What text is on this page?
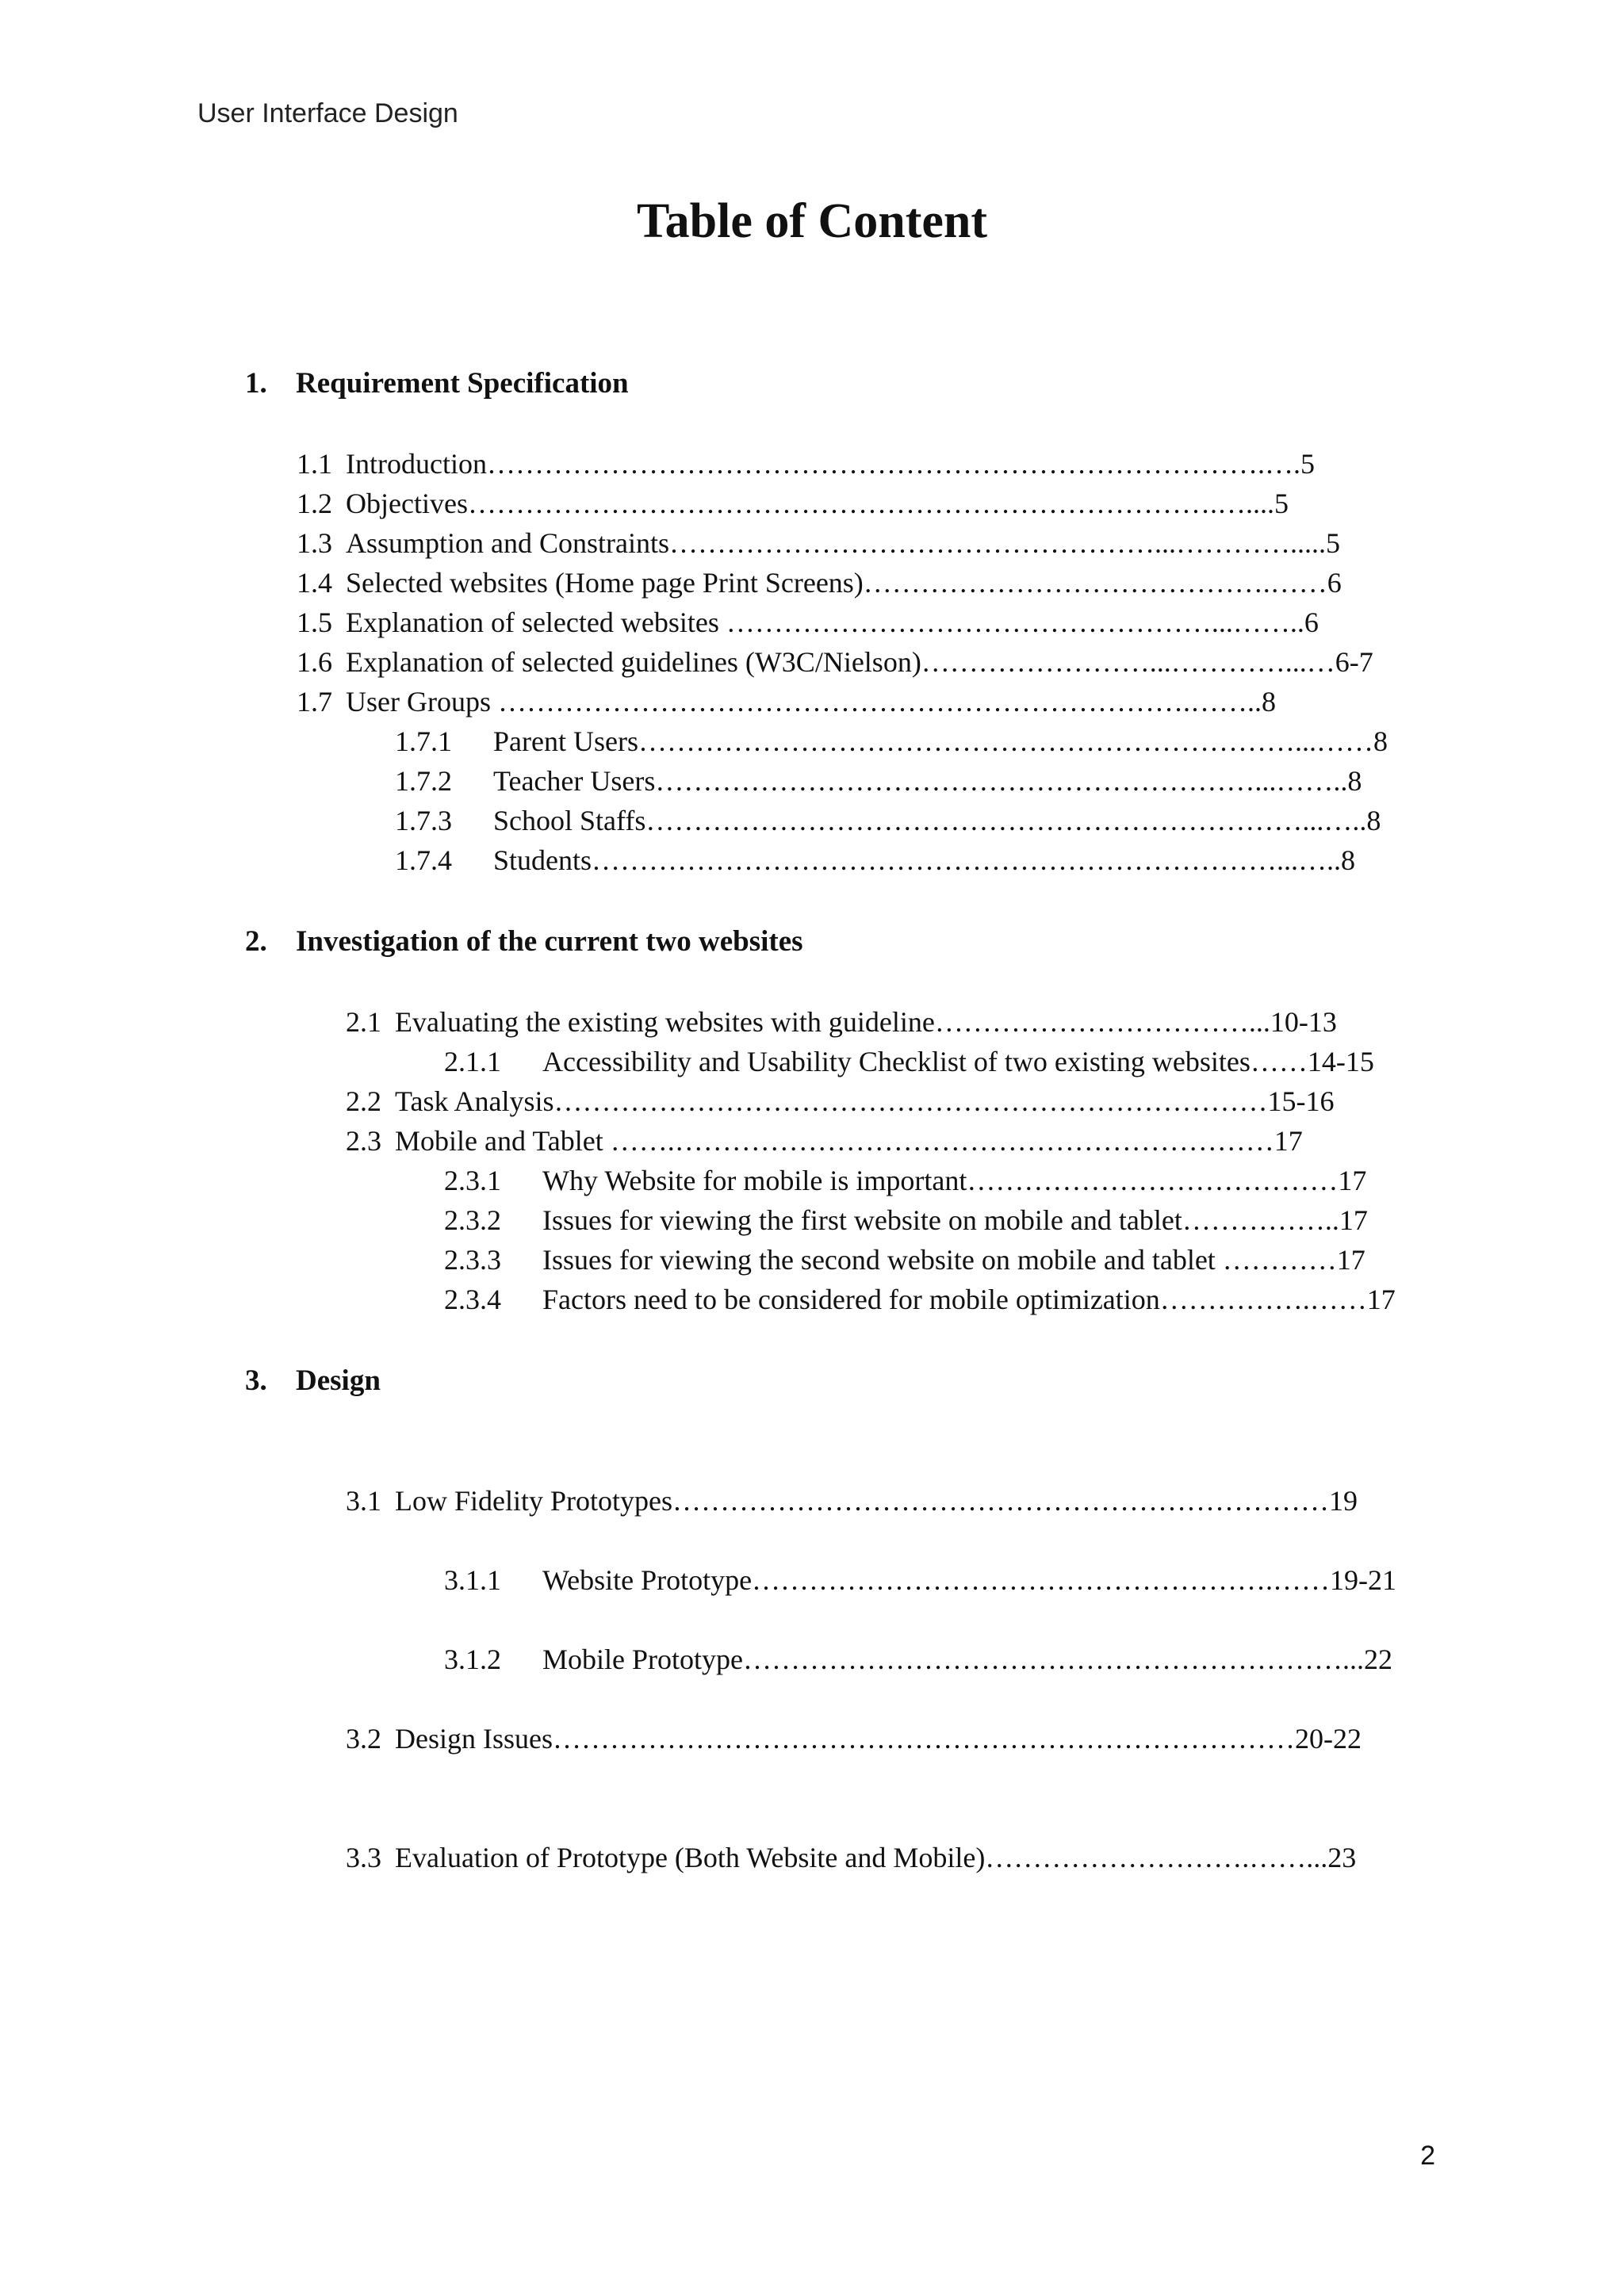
User Interface Design
Table of Content
1. Requirement Specification
1.1 Introduction……………………………………………………………………….….5
1.2 Objectives…………………………………………………………………….…....5
1.3 Assumption and Constraints……………………………………………...………….....5
1.4 Selected websites (Home page Print Screens)…………………………………….……6
1.5 Explanation of selected websites ……………………………………………...……..6
1.6 Explanation of selected guidelines (W3C/Nielson)……………………...…………...…6-7
1.7 User Groups ……………………………………………………………….……..8
1.7.1 Parent Users……………………………………………………………...……8
1.7.2 Teacher Users………………………………………………………...……..8
1.7.3 School Staffs……………………………………………………………...…..8
1.7.4 Students………………………………………………………………...…..8
2. Investigation of the current two websites
2.1 Evaluating the existing websites with guideline……………………………...10-13
2.1.1 Accessibility and Usability Checklist of two existing websites……14-15
2.2 Task Analysis…………………………………………………………………15-16
2.3 Mobile and Tablet …….………………………………………………………17
2.3.1 Why Website for mobile is important…………………………………17
2.3.2 Issues for viewing the first website on mobile and tablet……………..17
2.3.3 Issues for viewing the second website on mobile and tablet …………17
2.3.4 Factors need to be considered for mobile optimization…………….……17
3. Design
3.1 Low Fidelity Prototypes……………………………………………………………19
3.1.1 Website Prototype……………………………………………….……19-21
3.1.2 Mobile Prototype………………………………………………………...22
3.2 Design Issues……………………………………………………………………20-22
3.3 Evaluation of Prototype (Both Website and Mobile)……………………….……...23
2
